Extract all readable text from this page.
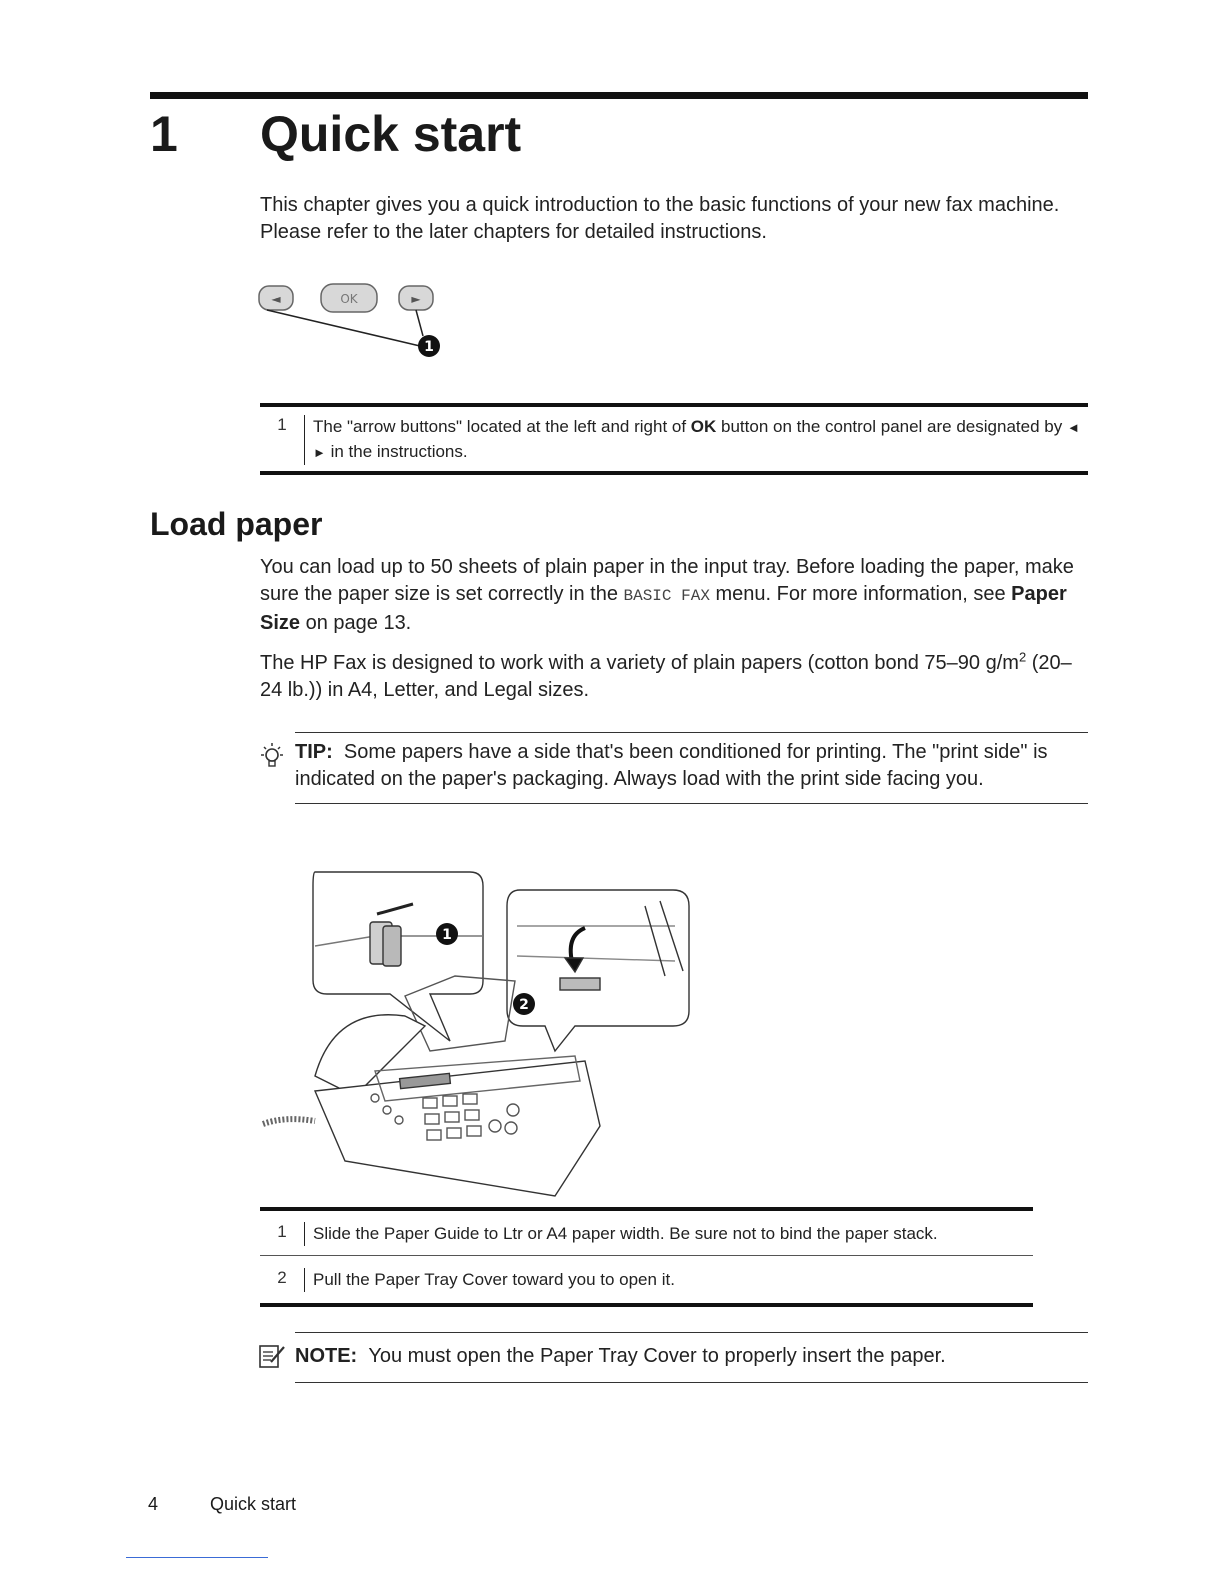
1 Quick start
This chapter gives you a quick introduction to the basic functions of your new fax machine. Please refer to the later chapters for detailed instructions.
◄	OK	►
1
1	The "arrow buttons" located at the left and right of OK button on the control panel are designated by ◄ ► in the instructions.
Load paper
You can load up to 50 sheets of plain paper in the input tray. Before loading the paper, make sure the paper size is set correctly in the BASIC FAX menu. For more information, see Paper Size on page 13.
The HP Fax is designed to work with a variety of plain papers (cotton bond 75–90 $g/m^2$ (20–24 lb.)) in A4, Letter, and Legal sizes.
TIP: Some papers have a side that's been conditioned for printing. The "print side" is indicated on the paper's packaging. Always load with the print side facing you.
1
2
1	Slide the Paper Guide to Ltr or A4 paper width. Be sure not to bind the paper stack.
2	Pull the Paper Tray Cover toward you to open it.
NOTE: You must open the Paper Tray Cover to properly insert the paper.
4	Quick start
